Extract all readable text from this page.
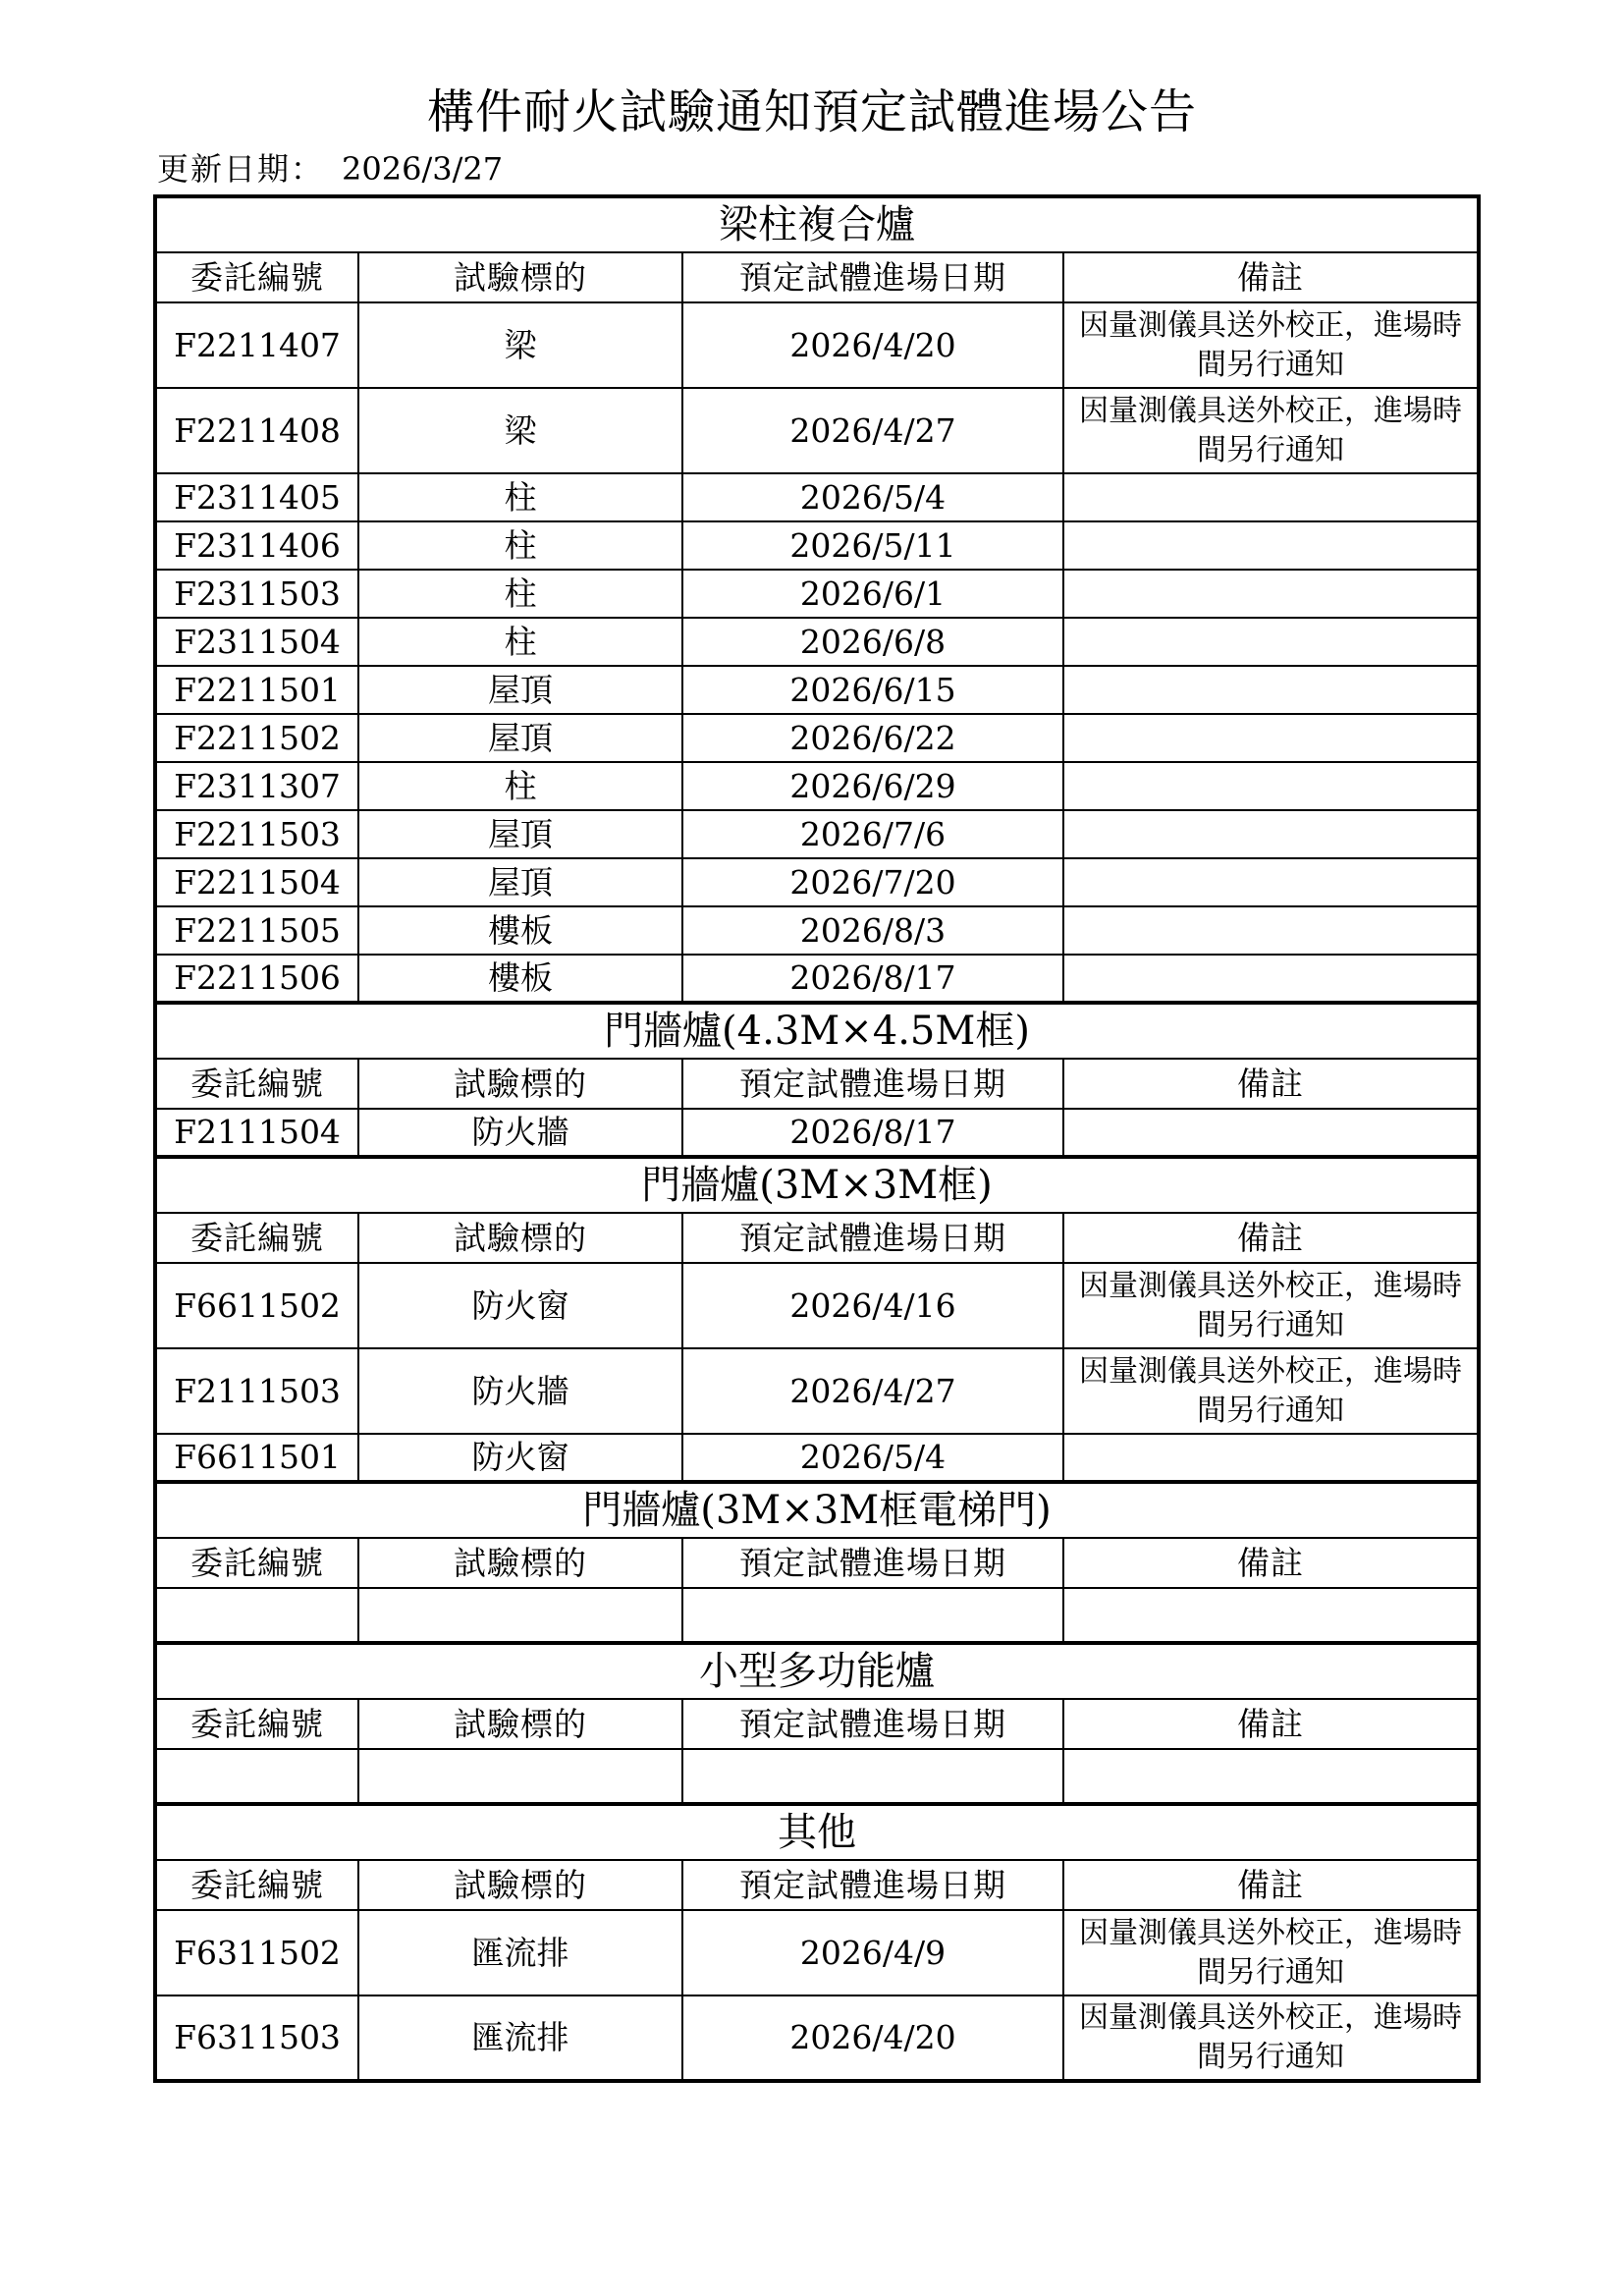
構件耐火試驗通知預定試體進場公告
更新日期： 2026/3/27
梁柱複合爐			
委託編號	試驗標的	預定試體進場日期	備註
F2211407	梁	2026/4/20	因量測儀具送外校正，進場時間另行通知
F2211408	梁	2026/4/27	因量測儀具送外校正，進場時間另行通知
F2311405	柱	2026/5/4	
F2311406	柱	2026/5/11	
F2311503	柱	2026/6/1	
F2311504	柱	2026/6/8	
F2211501	屋頂	2026/6/15	
F2211502	屋頂	2026/6/22	
F2311307	柱	2026/6/29	
F2211503	屋頂	2026/7/6	
F2211504	屋頂	2026/7/20	
F2211505	樓板	2026/8/3	
F2211506	樓板	2026/8/17	
門牆爐(4.3M×4.5M框)			
委託編號	試驗標的	預定試體進場日期	備註
F2111504	防火牆	2026/8/17	
門牆爐(3M×3M框)			
委託編號	試驗標的	預定試體進場日期	備註
F6611502	防火窗	2026/4/16	因量測儀具送外校正，進場時間另行通知
F2111503	防火牆	2026/4/27	因量測儀具送外校正，進場時間另行通知
F6611501	防火窗	2026/5/4	
門牆爐(3M×3M框電梯門)			
委託編號	試驗標的	預定試體進場日期	備註

小型多功能爐			
委託編號	試驗標的	預定試體進場日期	備註

其他			
委託編號	試驗標的	預定試體進場日期	備註
F6311502	匯流排	2026/4/9	因量測儀具送外校正，進場時間另行通知
F6311503	匯流排	2026/4/20	因量測儀具送外校正，進場時間另行通知
